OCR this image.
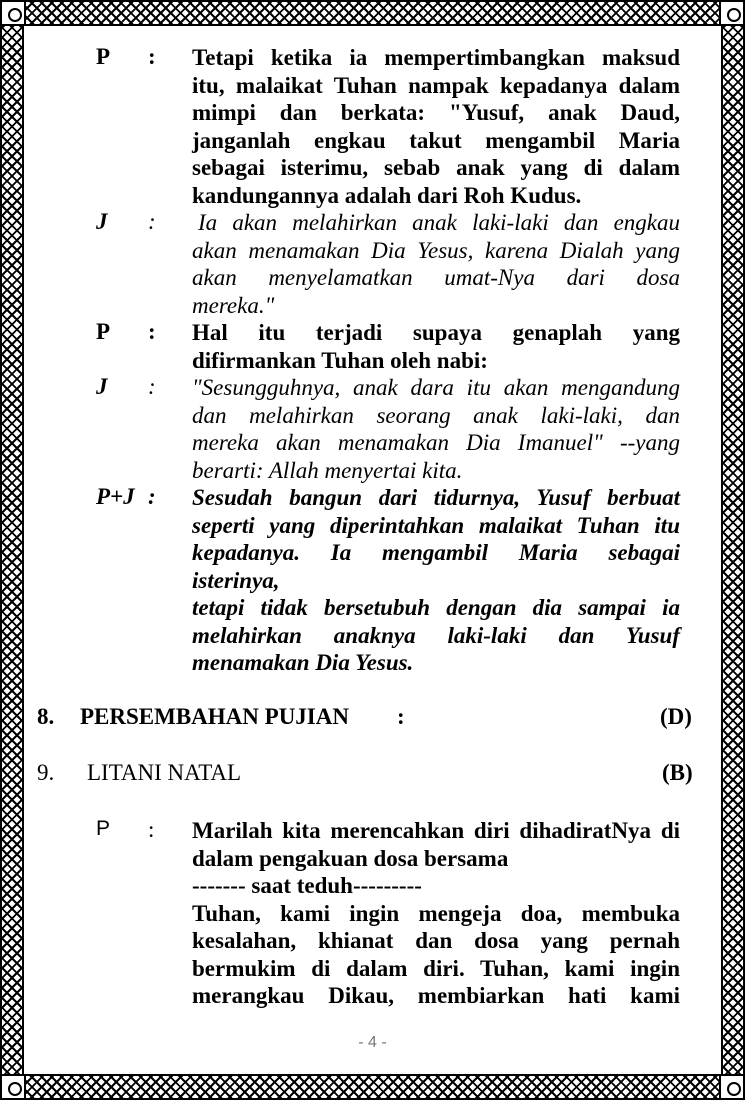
P : Tetapi ketika ia mempertimbangkan maksud

itu, malaikat Tuhan nampak kepadanya dalam

mimpi dan berkata: "Yusuf, anak Daud,

janganlah engkau takut mengambil Maria

sebagai isterimu, sebab anak yang di dalam

kandungannya adalah dari Roh Kudus.

J : Ia akan melahirkan anak laki-laki dan engkau

akan menamakan Dia Yesus, karena Dialah yang

akan menyelamatkan umat-Nya dari dosa

mereka."

P : Hal itu terjadi supaya genaplah yang

difirmankan Tuhan oleh nabi:

J : "Sesungguhnya, anak dara itu akan mengandung

dan melahirkan seorang anak laki-laki, dan

mereka akan menamakan Dia Imanuel" --yang

berarti: Allah menyertai kita.

P+J : Sesudah bangun dari tidurnya, Yusuf berbuat

seperti yang diperintahkan malaikat Tuhan itu

kepadanya. Ia mengambil Maria sebagai

isterinya,

tetapi tidak bersetubuh dengan dia sampai ia

melahirkan anaknya laki-laki dan Yusuf

menamakan Dia Yesus.

8. PERSEMBAHAN PUJIAN :	(D)
9. LITANI NATAL	(B)
P : Marilah kita merencahkan diri dihadiratNya di

dalam pengakuan dosa bersama

------- saat teduh---------

Tuhan, kami ingin mengeja doa, membuka

kesalahan, khianat dan dosa yang pernah

bermukim di dalam diri. Tuhan, kami ingin

merangkau Dikau, membiarkan hati kami

- 4 -
